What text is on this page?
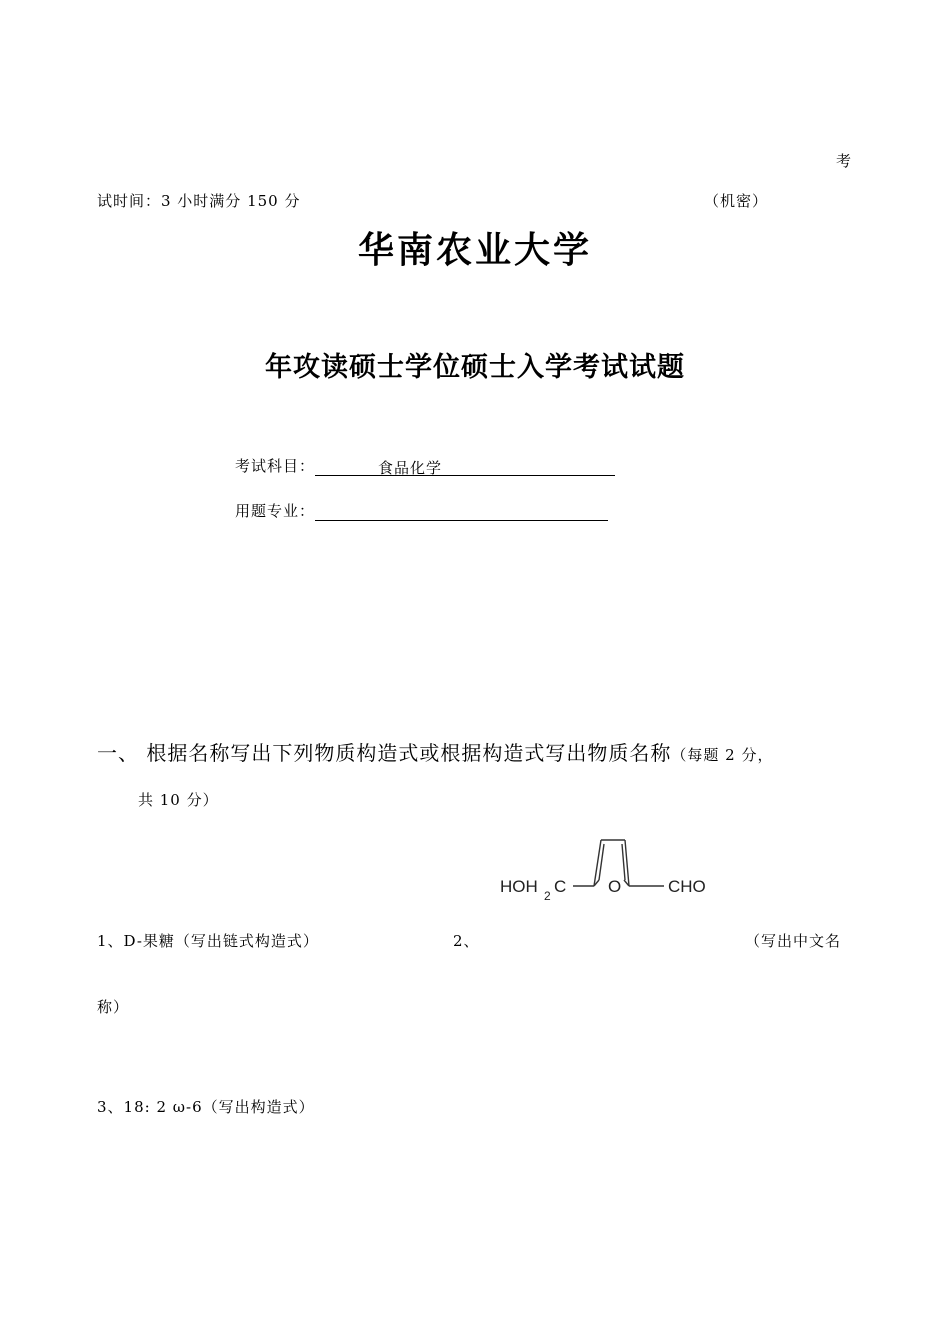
考
试时间：3 小时满分 150 分	（机密）
华南农业大学
年攻读硕士学位硕士入学考试试题
考试科目：	食品化学
用题专业：
一、 根据名称写出下列物质构造式或根据构造式写出物质名称（每题 2 分，
共 10 分）
HOH 2 C O	CHO
1、D-果糖（写出链式构造式）	2、	（写出中文名
称）
3、18: 2 ω-6（写出构造式）
